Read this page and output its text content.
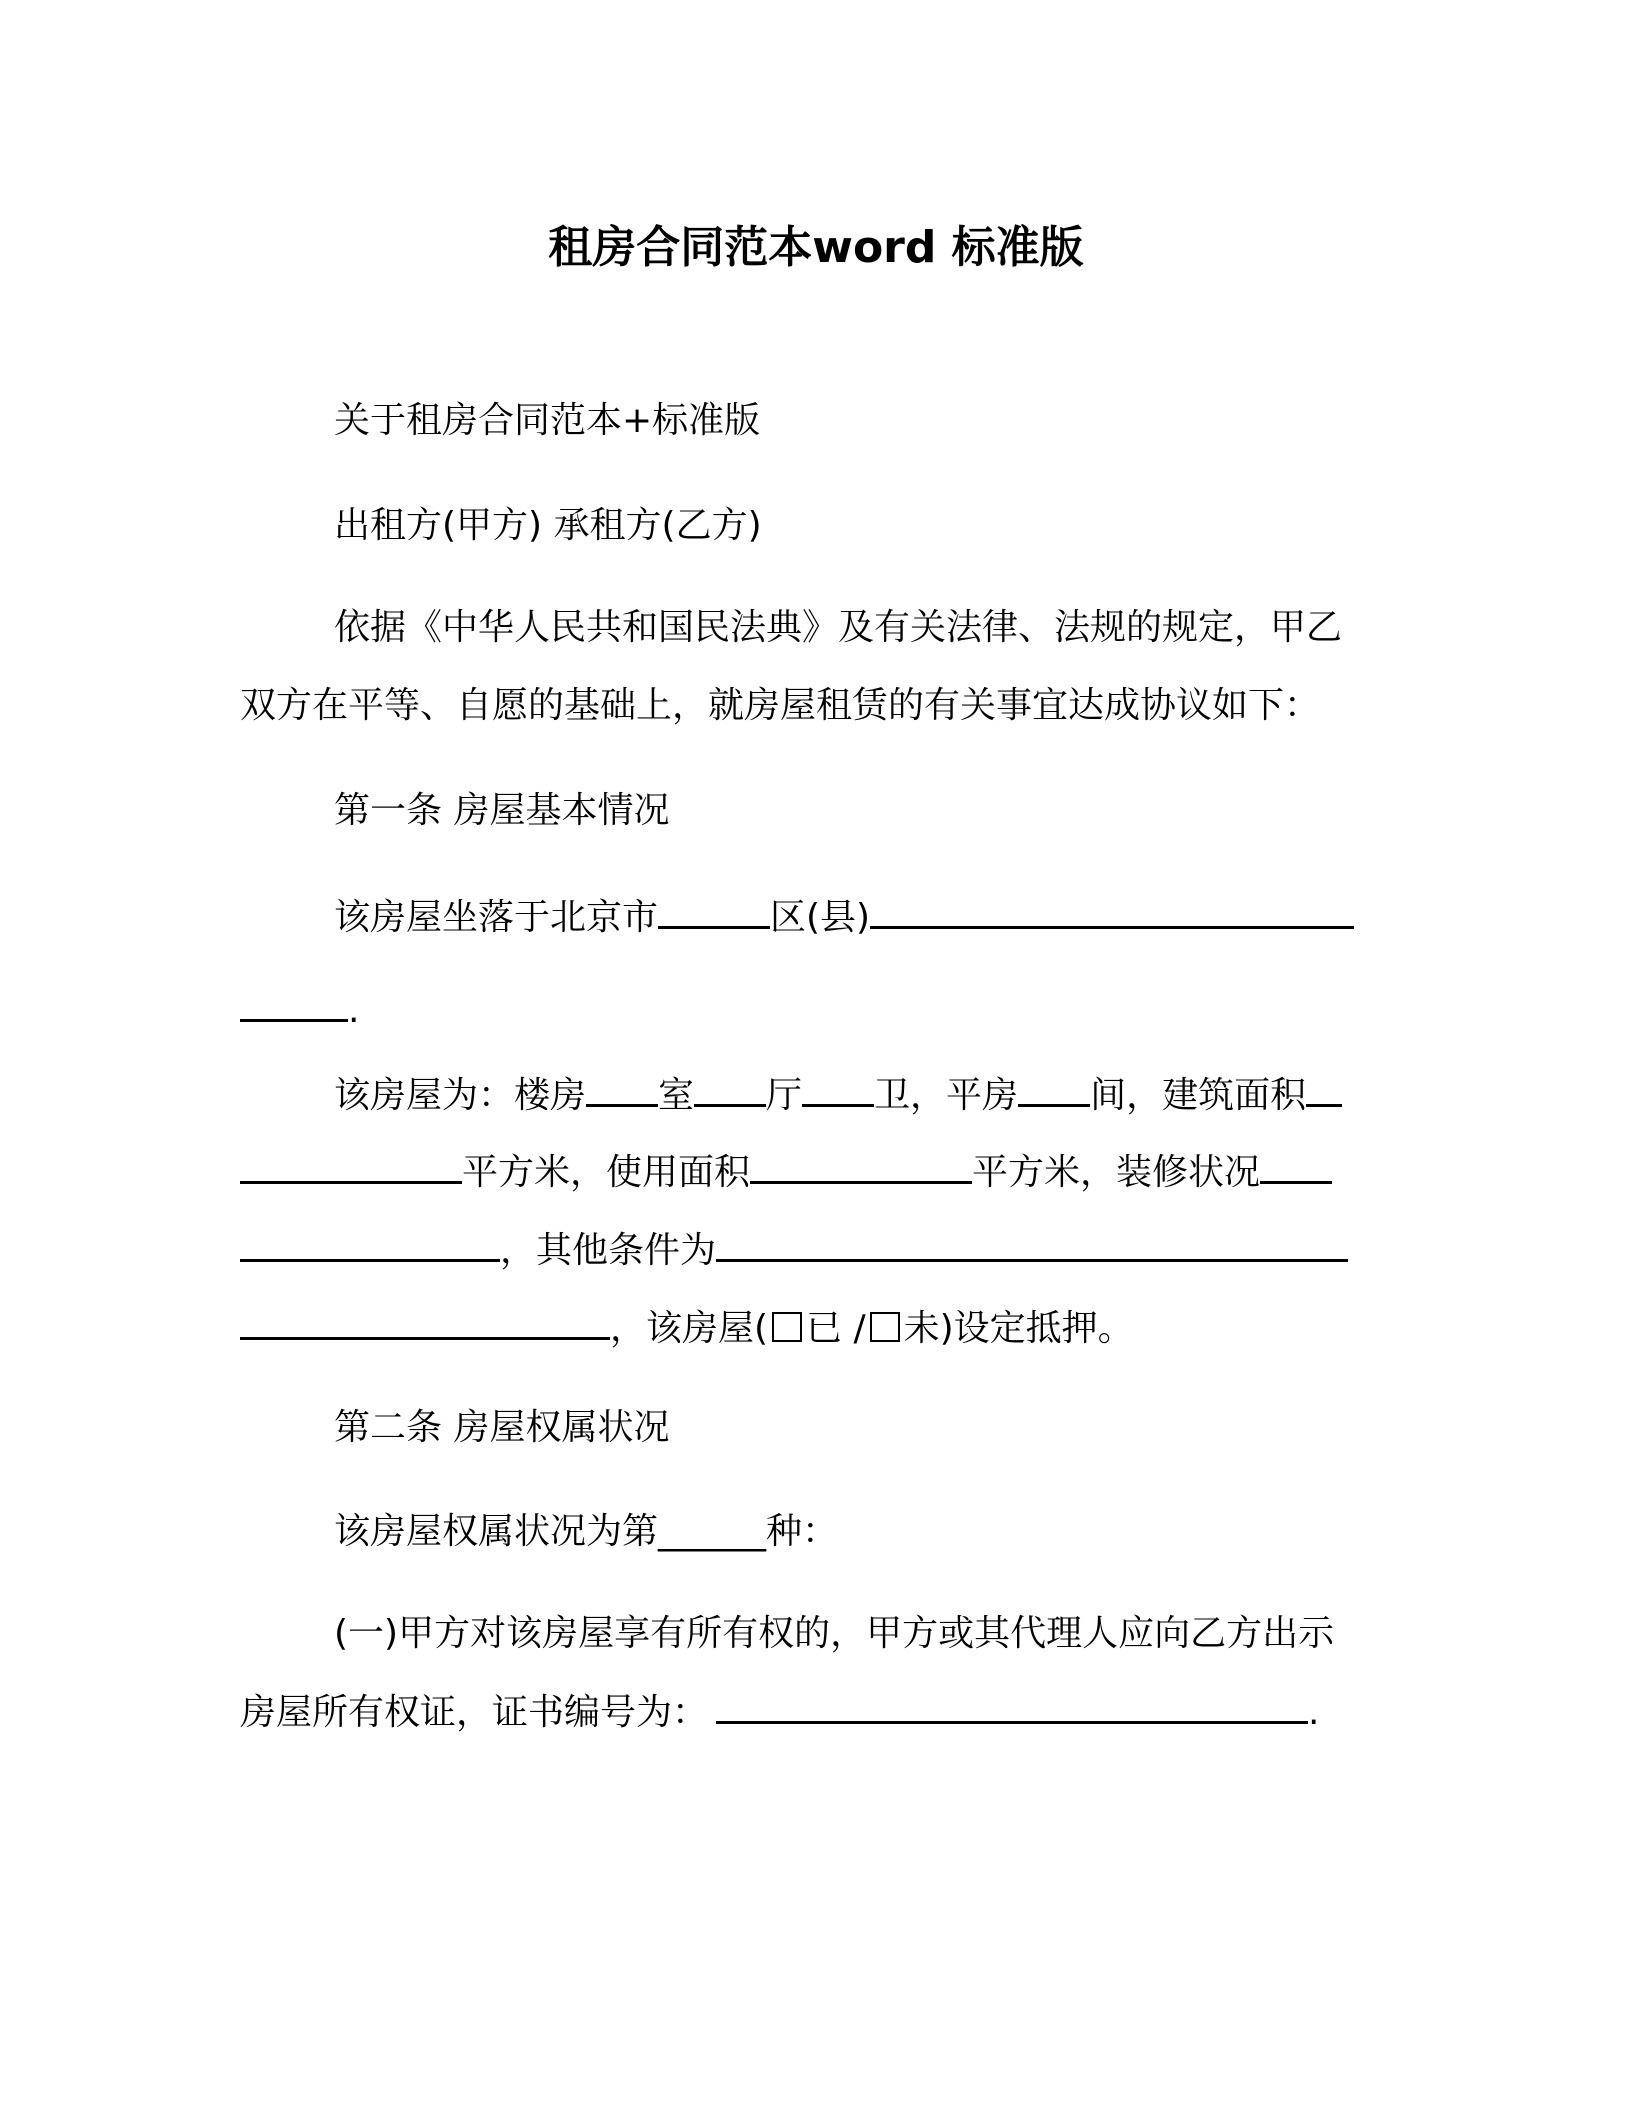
租房合同范本word 标准版
关于租房合同范本+标准版
出租方(甲方) 承租方(乙方)
依据《中华人民共和国民法典》及有关法律、法规的规定，甲乙
双方在平等、自愿的基础上，就房屋租赁的有关事宜达成协议如下：
第一条 房屋基本情况
该房屋坐落于北京市	区(县)
.
该房屋为：楼房 室 厅 卫，平房 间，建筑面积
平方米，使用面积	平方米，装修状况
，其他条件为
，该房屋( 已 / 未)设定抵押。
第二条 房屋权属状况
该房屋权属状况为第______种：
(一)甲方对该房屋享有所有权的，甲方或其代理人应向乙方出示
房屋所有权证，证书编号为：	.
